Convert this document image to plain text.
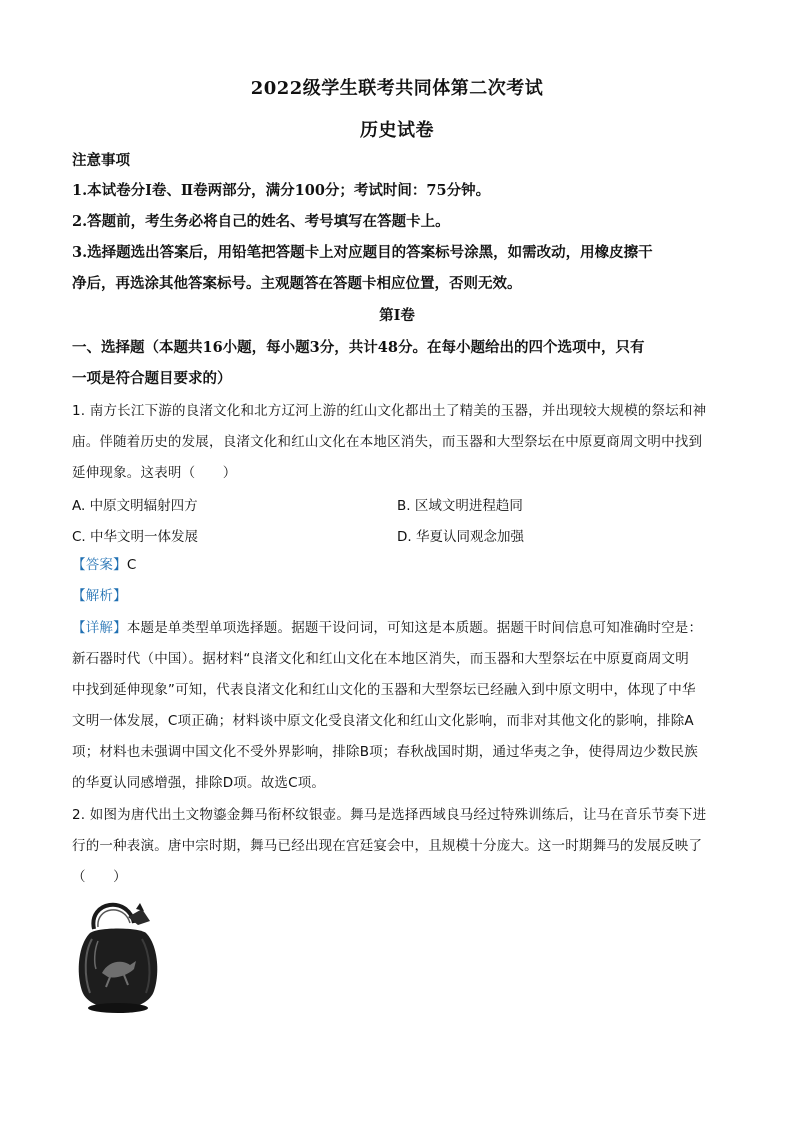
2022级学生联考共同体第二次考试
历史试卷
注意事项
1.本试卷分Ⅰ卷、Ⅱ卷两部分，满分100分；考试时间：75分钟。
2.答题前，考生务必将自己的姓名、考号填写在答题卡上。
3.选择题选出答案后，用铅笔把答题卡上对应题目的答案标号涂黑，如需改动，用橡皮擦干
净后，再选涂其他答案标号。主观题答在答题卡相应位置，否则无效。
第Ⅰ卷
一、选择题（本题共16小题，每小题3分，共计48分。在每小题给出的四个选项中，只有
一项是符合题目要求的）
1. 南方长江下游的良渚文化和北方辽河上游的红山文化都出土了精美的玉器，并出现较大规模的祭坛和神
庙。伴随着历史的发展，良渚文化和红山文化在本地区消失，而玉器和大型祭坛在中原夏商周文明中找到
延伸现象。这表明（　　）
A. 中原文明辐射四方	B. 区域文明进程趋同
C. 中华文明一体发展	D. 华夏认同观念加强
【答案】C
【解析】
【详解】本题是单类型单项选择题。据题干设问词，可知这是本质题。据题干时间信息可知准确时空是：
新石器时代（中国）。据材料“良渚文化和红山文化在本地区消失，而玉器和大型祭坛在中原夏商周文明
中找到延伸现象”可知，代表良渚文化和红山文化的玉器和大型祭坛已经融入到中原文明中，体现了中华
文明一体发展，C项正确；材料谈中原文化受良渚文化和红山文化影响，而非对其他文化的影响，排除A
项；材料也未强调中国文化不受外界影响，排除B项；春秋战国时期，通过华夷之争，使得周边少数民族
的华夏认同感增强，排除D项。故选C项。
2. 如图为唐代出土文物鎏金舞马衔杯纹银壶。舞马是选择西域良马经过特殊训练后，让马在音乐节奏下进
行的一种表演。唐中宗时期，舞马已经出现在宫廷宴会中，且规模十分庞大。这一时期舞马的发展反映了
（　　）
